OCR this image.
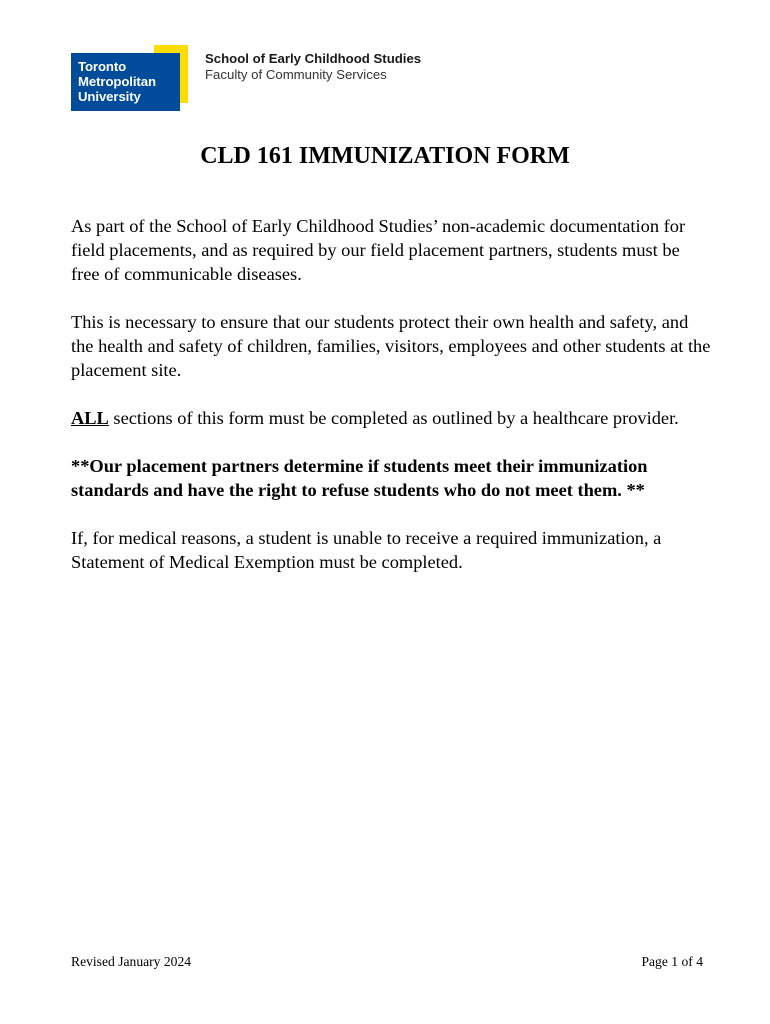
Toronto
Metropolitan
University
School of Early Childhood Studies
Faculty of Community Services
CLD 161 IMMUNIZATION FORM

As part of the School of Early Childhood Studies’ non-academic documentation for field placements, and as required by our field placement partners, students must be free of communicable diseases.

This is necessary to ensure that our students protect their own health and safety, and the health and safety of children, families, visitors, employees and other students at the placement site.

ALL sections of this form must be completed as outlined by a healthcare provider.

**Our placement partners determine if students meet their immunization standards and have the right to refuse students who do not meet them. **

If, for medical reasons, a student is unable to receive a required immunization, a Statement of Medical Exemption must be completed.

Revised January 2024	Page 1 of 4
